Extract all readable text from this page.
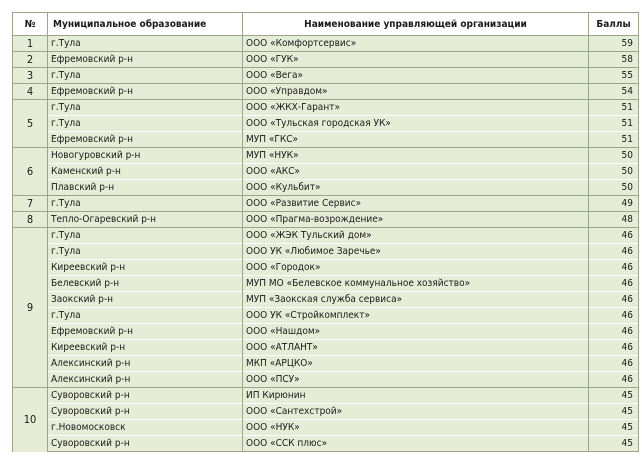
№	Муниципальное образование	Наименование управляющей организации	Баллы
1	г.Тула	ООО «Комфортсервис»	59
2	Ефремовский р-н	ООО «ГУК»	58
3	г.Тула	ООО «Вега»	55
4	Ефремовский р-н	ООО «Управдом»	54
5	г.Тула	ООО «ЖКХ-Гарант»	51
	г.Тула	ООО «Тульская городская УК»	51
	Ефремовский р-н	МУП «ГКС»	51
6	Новогуровский р-н	МУП «НУК»	50
	Каменский р-н	ООО «АКС»	50
	Плавский р-н	ООО «Кульбит»	50
7	г.Тула	ООО «Развитие Сервис»	49
8	Тепло-Огаревский р-н	ООО «Прагма-возрождение»	48
9	г.Тула	ООО «ЖЭК Тульский дом»	46
	г.Тула	ООО УК «Любимое Заречье»	46
	Киреевский р-н	ООО «Городок»	46
	Белевский р-н	МУП МО «Белевское коммунальное хозяйство»	46
	Заокский р-н	МУП «Заокская служба сервиса»	46
	г.Тула	ООО УК «Стройкомплект»	46
	Ефремовский р-н	ООО «Нашдом»	46
	Киреевский р-н	ООО «АТЛАНТ»	46
	Алексинский р-н	МКП «АРЦКО»	46
	Алексинский р-н	ООО «ПСУ»	46
10	Суворовский р-н	ИП Кирюнин	45
	Суворовский р-н	ООО «Сантехстрой»	45
	г.Новомосковск	ООО «НУК»	45
	Суворовский р-н	ООО «ССК плюс»	45
